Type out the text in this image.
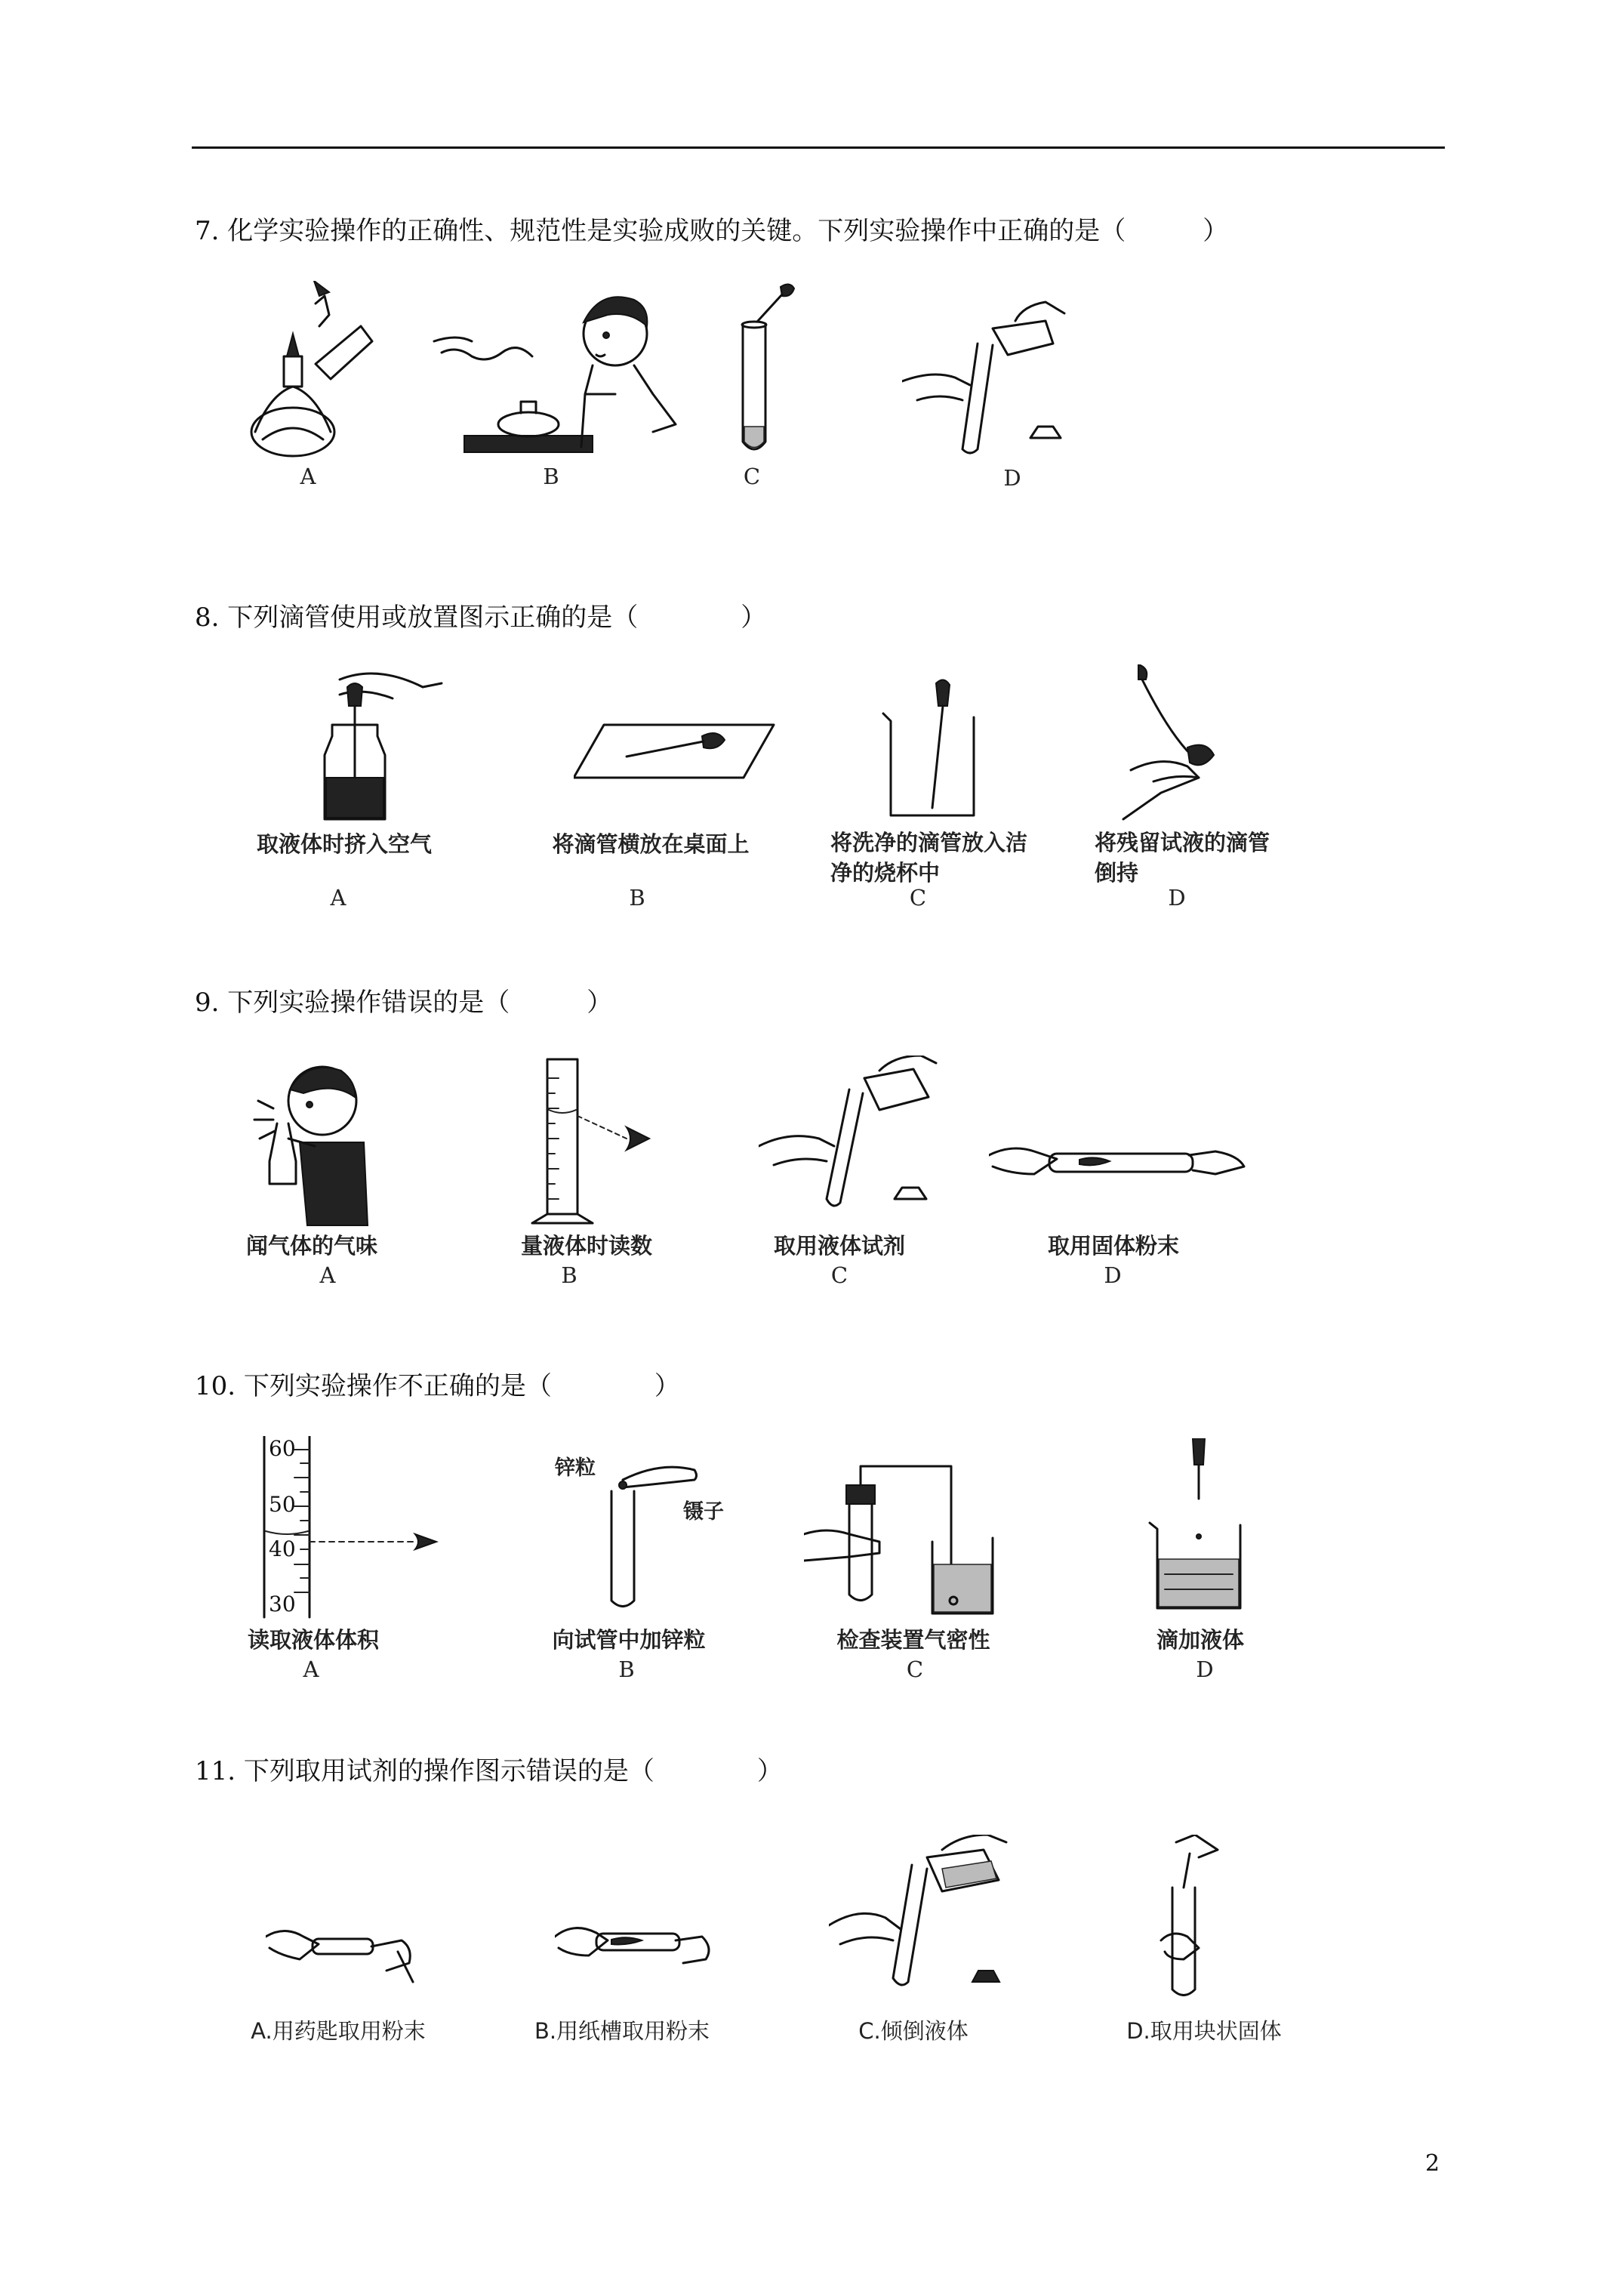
7. 化学实验操作的正确性、规范性是实验成败的关键。下列实验操作中正确的是（　　　）
A	B	C	D
8. 下列滴管使用或放置图示正确的是（　　　　）
取液体时挤入空气
A
将滴管横放在桌面上
B
将洗净的滴管放入洁净的烧杯中
C
将残留试液的滴管倒持
D
9. 下列实验操作错误的是（　　　）
闻气体的气味
A
量液体时读数
B
取用液体试剂
C
取用固体粉末
D
10. 下列实验操作不正确的是（　　　　）
60
50
40
30
读取液体体积
A
锌粒
镊子
向试管中加锌粒
B
检查装置气密性
C
滴加液体
D
11. 下列取用试剂的操作图示错误的是（　　　　）
A.用药匙取用粉末	B.用纸槽取用粉末	C.倾倒液体	D.取用块状固体
2
